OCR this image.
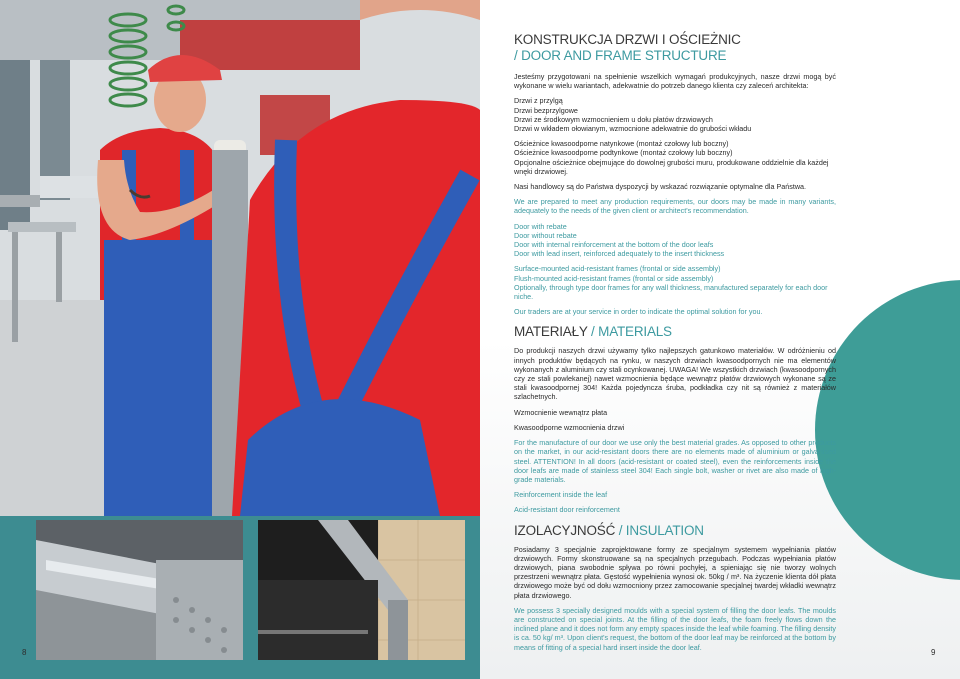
8
KONSTRUKCJA DRZWI I OŚCIEŻNIC
/ DOOR AND FRAME STRUCTURE

Jesteśmy przygotowani na spełnienie wszelkich wymagań produkcyjnych, nasze drzwi mogą być wykonane w wielu wariantach, adekwatnie do potrzeb danego klienta czy zaleceń architekta:

Drzwi z przylgą
Drzwi bezprzylgowe
Drzwi ze środkowym wzmocnieniem u dołu płatów drzwiowych
Drzwi w wkładem ołowianym, wzmocnione adekwatnie do grubości wkładu
Ościeżnice kwasoodporne natynkowe (montaż czołowy lub boczny)
Ościeżnice kwasoodporne podtynkowe (montaż czołowy lub boczny)
Opcjonalne ościeżnice obejmujące do dowolnej grubości muru, produkowane oddzielnie dla każdej wnęki drzwiowej.

Nasi handlowcy są do Państwa dyspozycji by wskazać rozwiązanie optymalne dla Państwa.

We are prepared to meet any production requirements, our doors may be made in many variants, adequately to the needs of the given client or architect's recommendation.

Door with rebate
Door without rebate
Door with internal reinforcement at the bottom of the door leafs
Door with lead insert, reinforced adequately to the insert thickness
Surface-mounted acid-resistant frames (frontal or side assembly)
Flush-mounted acid-resistant frames (frontal or side assembly)
Optionally, through type door frames for any wall thickness, manufactured separately for each door niche.

Our traders are at your service in order to indicate the optimal solution for you.

MATERIAŁY / MATERIALS

Do produkcji naszych drzwi używamy tylko najlepszych gatunkowo materiałów. W odróżnieniu od innych produktów będących na rynku, w naszych drzwiach kwasoodpornych nie ma elementów wykonanych z aluminium czy stali ocynkowanej. UWAGA! We wszystkich drzwiach (kwasoodpornych czy ze stali powlekanej) nawet wzmocnienia będące wewnątrz płatów drzwiowych wykonane są ze stali kwasoodpornej 304! Każda pojedyncza śruba, podkładka czy nit są również z materiałów szlachetnych.

Wzmocnienie wewnątrz płata

Kwasoodporne wzmocnienia drzwi

For the manufacture of our door we use only the best material grades. As opposed to other products on the market, in our acid-resistant doors there are no elements made of aluminium or galvanised steel. ATTENTION! In all doors (acid-resistant or coated steel), even the reinforcements inside the door leafs are made of stainless steel 304! Each single bolt, washer or rivet are also made of high-grade materials.

Reinforcement inside the leaf

Acid-resistant door reinforcement

IZOLACYJNOŚĆ / INSULATION

Posiadamy 3 specjalnie zaprojektowane formy ze specjalnym systemem wypełniania płatów drzwiowych. Formy skonstruowane są na specjalnych przegubach. Podczas wypełniania płatów drzwiowych, piana swobodnie spływa po równi pochyłej, a spieniając się nie tworzy wolnych przestrzeni wewnątrz płata. Gęstość wypełnienia wynosi ok. 50kg / m³. Na życzenie klienta dół płata drzwiowego może być od dołu wzmocniony przez zamocowanie specjalnej twardej wkładki wewnątrz płata drzwiowego.

We possess 3 specially designed moulds with a special system of filling the door leafs. The moulds are constructed on special joints. At the filling of the door leafs, the foam freely flows down the inclined plane and it does not form any empty spaces inside the leaf while foaming. The filling density is ca. 50 kg/ m³. Upon client's request, the bottom of the door leaf may be reinforced at the bottom by means of fitting of a special hard insert inside the door leaf.

9
